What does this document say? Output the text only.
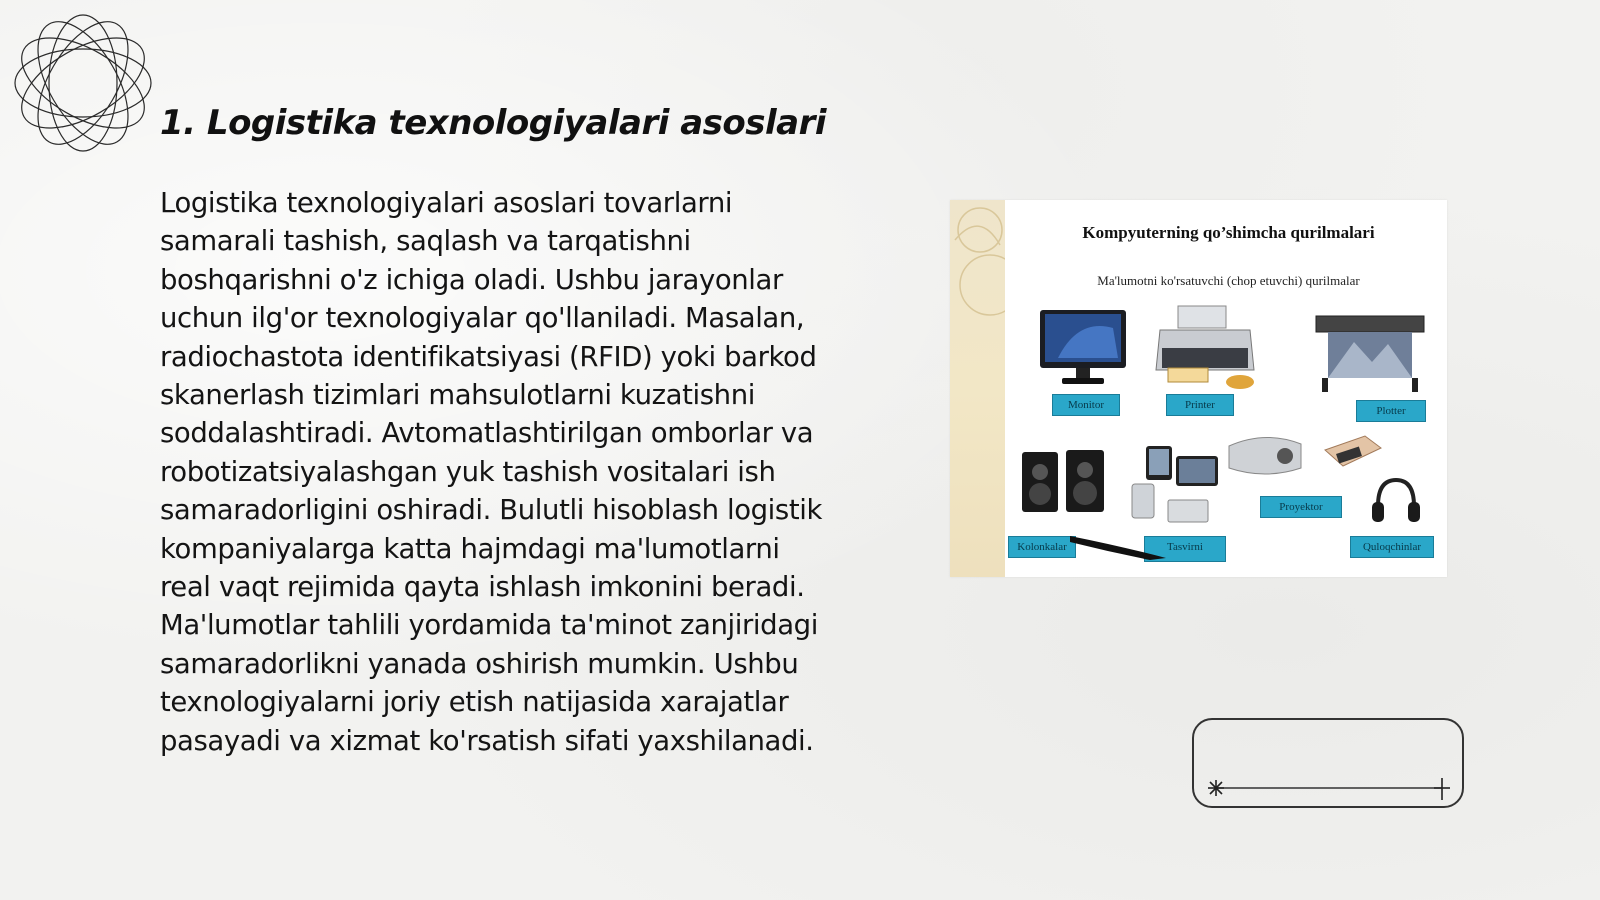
1. Logistika texnologiyalari asoslari

Logistika texnologiyalari asoslari tovarlarni samarali tashish, saqlash va tarqatishni boshqarishni o'z ichiga oladi. Ushbu jarayonlar uchun ilg'or texnologiyalar qo'llaniladi. Masalan, radiochastota identifikatsiyasi (RFID) yoki barkod skanerlash tizimlari mahsulotlarni kuzatishni soddalashtiradi. Avtomatlashtirilgan omborlar va robotizatsiyalashgan yuk tashish vositalari ish samaradorligini oshiradi. Bulutli hisoblash logistik kompaniyalarga katta hajmdagi ma'lumotlarni real vaqt rejimida qayta ishlash imkonini beradi. Ma'lumotlar tahlili yordamida ta'minot zanjiridagi samaradorlikni yanada oshirish mumkin. Ushbu texnologiyalarni joriy etish natijasida xarajatlar pasayadi va xizmat ko'rsatish sifati yaxshilanadi.

Kompyuterning qo’shimcha qurilmalari
Ma'lumotni ko'rsatuvchi (chop etuvchi) qurilmalar
Monitor	Printer	Plotter
Kolonkalar	Tasvirni
Proyektor
Quloqchinlar
